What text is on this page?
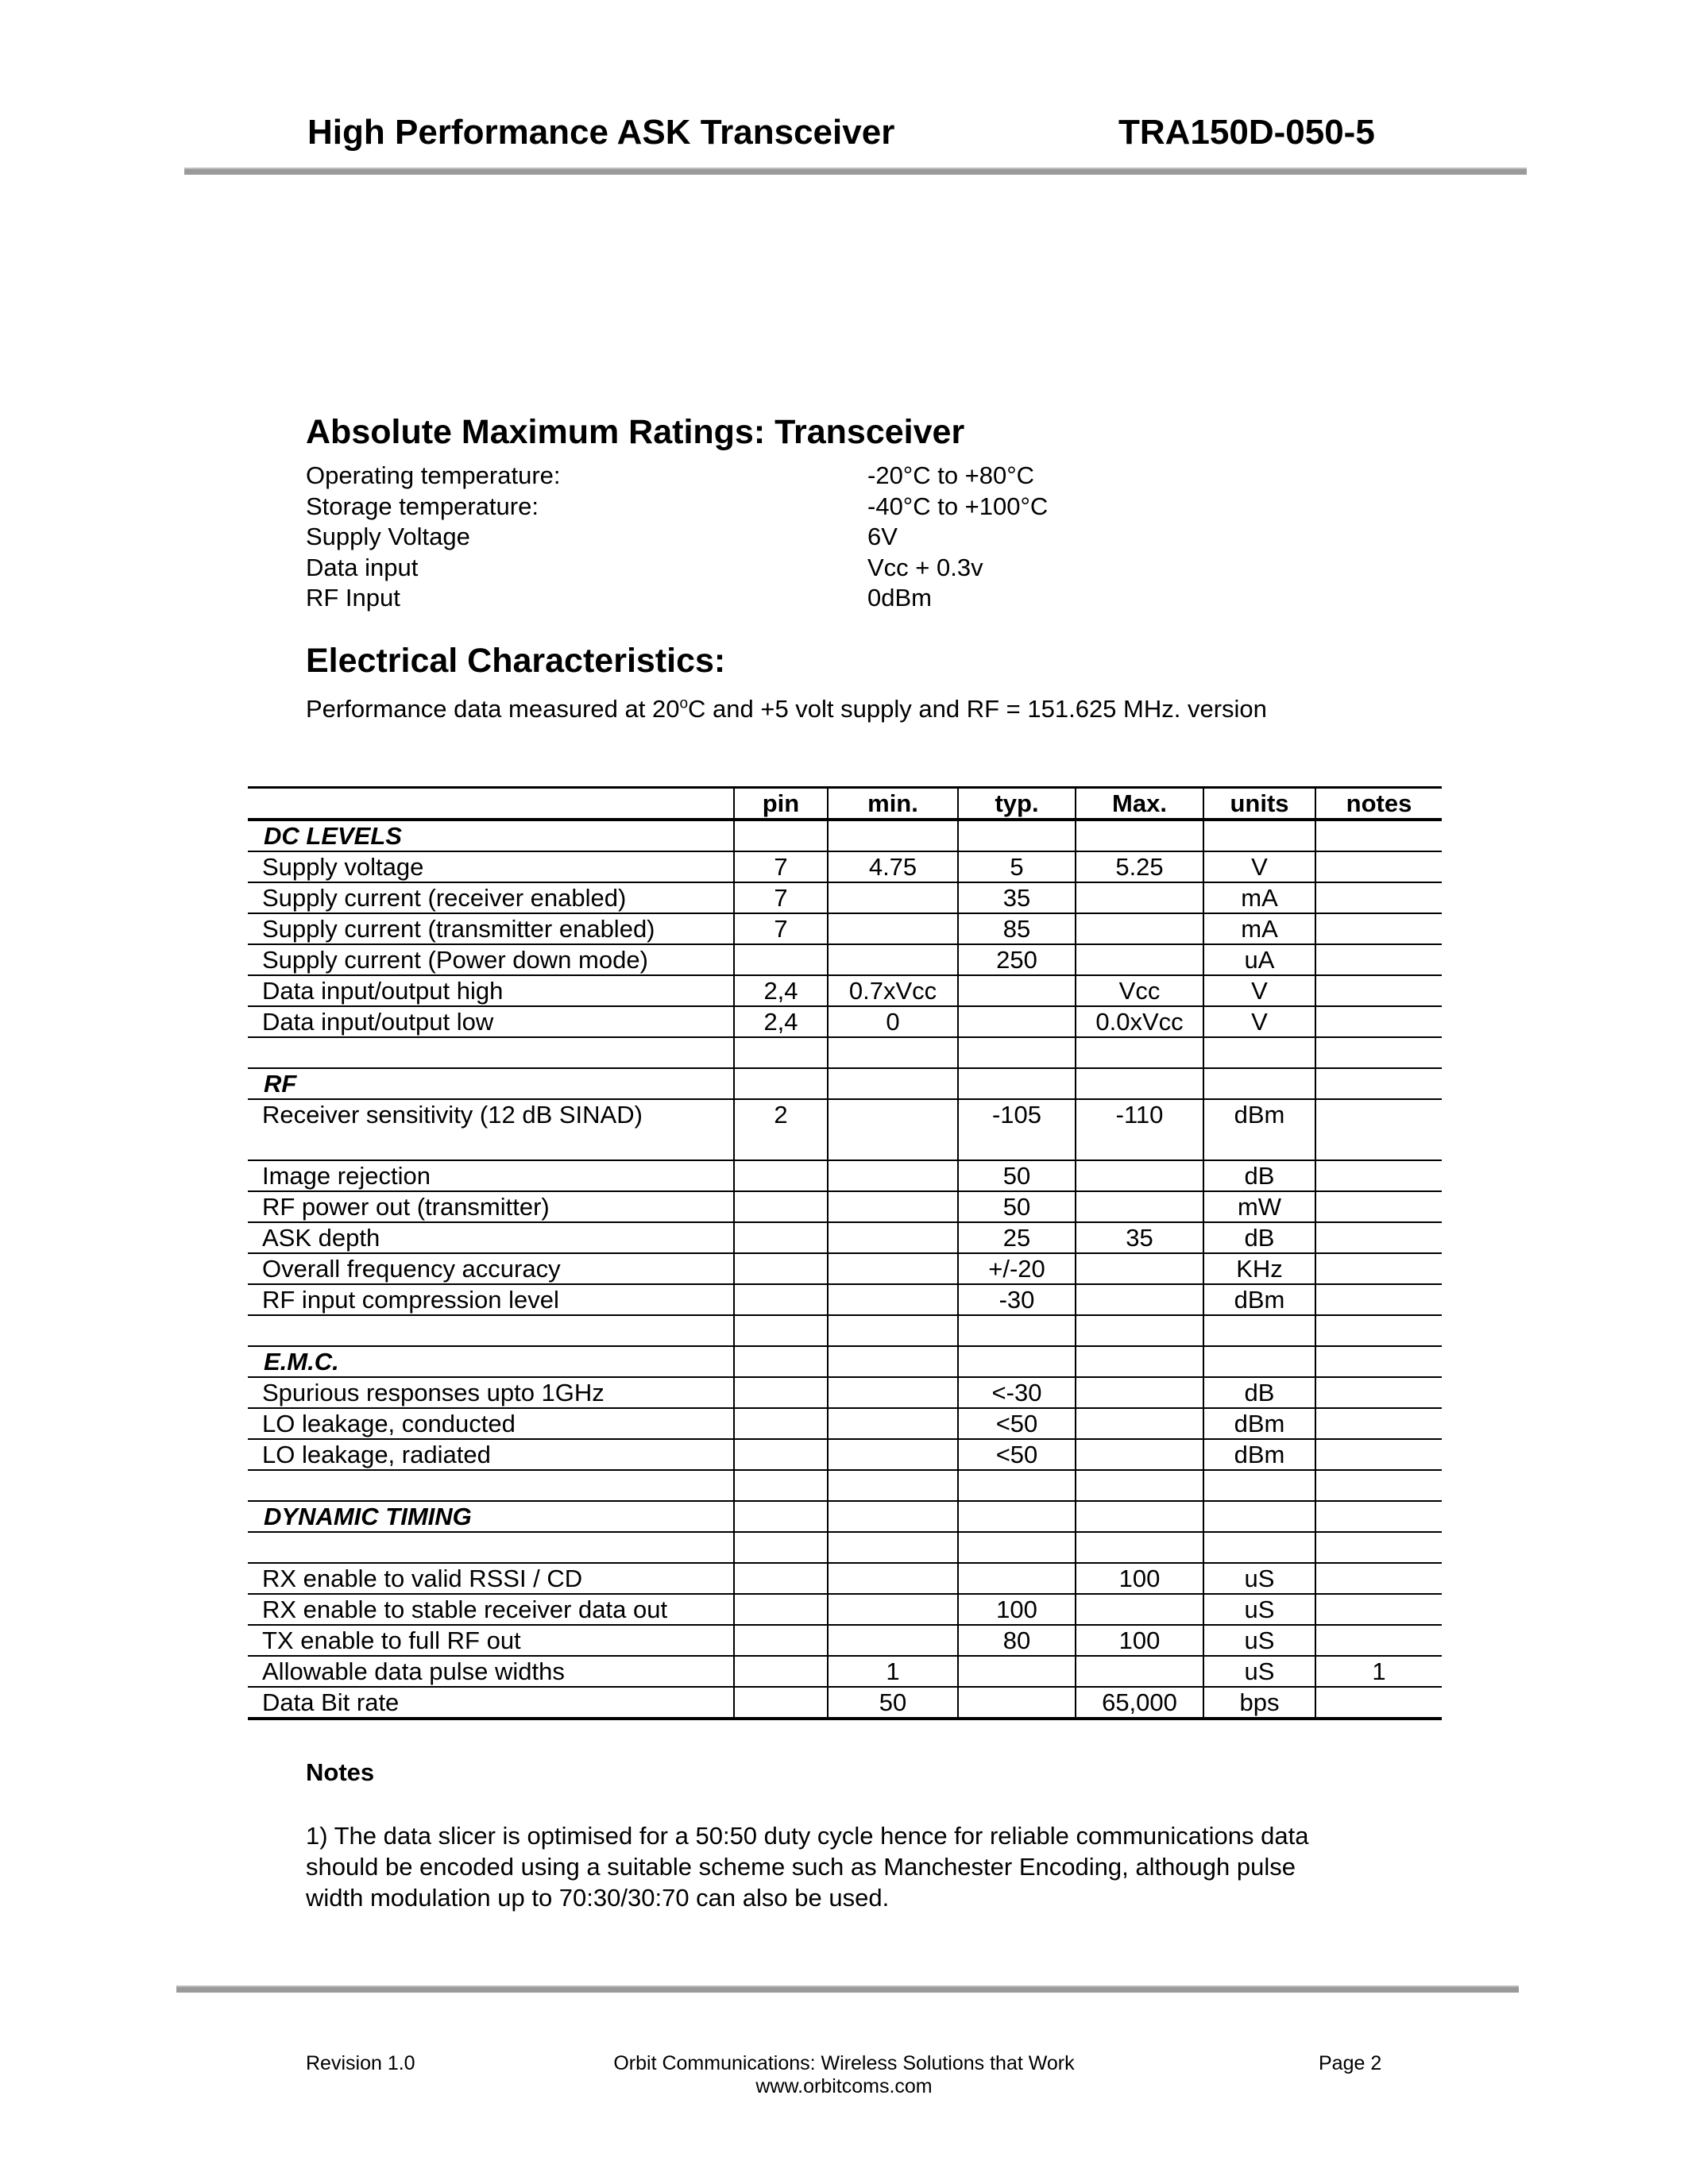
High Performance ASK Transceiver	TRA150D-050-5
Absolute Maximum Ratings: Transceiver
Operating temperature:	-20°C to +80°C
Storage temperature:	-40°C to +100°C
Supply Voltage	6V
Data input	Vcc + 0.3v
RF Input	0dBm
Electrical Characteristics:
Performance data measured at 20$^o$C and +5 volt supply and RF = 151.625 MHz. version
	pin	min.	typ.	Max.	units	notes
DC LEVELS						
Supply voltage	7	4.75	5	5.25	V	
Supply current (receiver enabled)	7		35		mA	
Supply current (transmitter enabled)	7		85		mA	
Supply current (Power down mode)			250		uA	
Data input/output high	2,4	0.7xVcc		Vcc	V	
Data input/output low	2,4	0		0.0xVcc	V	

RF						
Receiver sensitivity (12 dB SINAD)	2		-105	-110	dBm	
Image rejection			50		dB	
RF power out (transmitter)			50		mW	
ASK depth			25	35	dB	
Overall frequency accuracy			+/-20		KHz	
RF input compression level			-30		dBm	

E.M.C.						
Spurious responses upto 1GHz			<-30		dB	
LO leakage, conducted			<50		dBm	
LO leakage, radiated			<50		dBm	

DYNAMIC TIMING						

RX enable to valid RSSI / CD				100	uS	
RX enable to stable receiver data out			100		uS	
TX enable to full RF out			80	100	uS	
Allowable data pulse widths		1			uS	1
Data Bit rate		50		65,000	bps	
Notes
1) The data slicer is optimised for a 50:50 duty cycle hence for reliable communications data
should be encoded using a suitable scheme such as Manchester Encoding, although pulse
width modulation up to 70:30/30:70 can also be used.
Revision 1.0	Orbit Communications: Wireless Solutions that Work
www.orbitcoms.com
Page 2
